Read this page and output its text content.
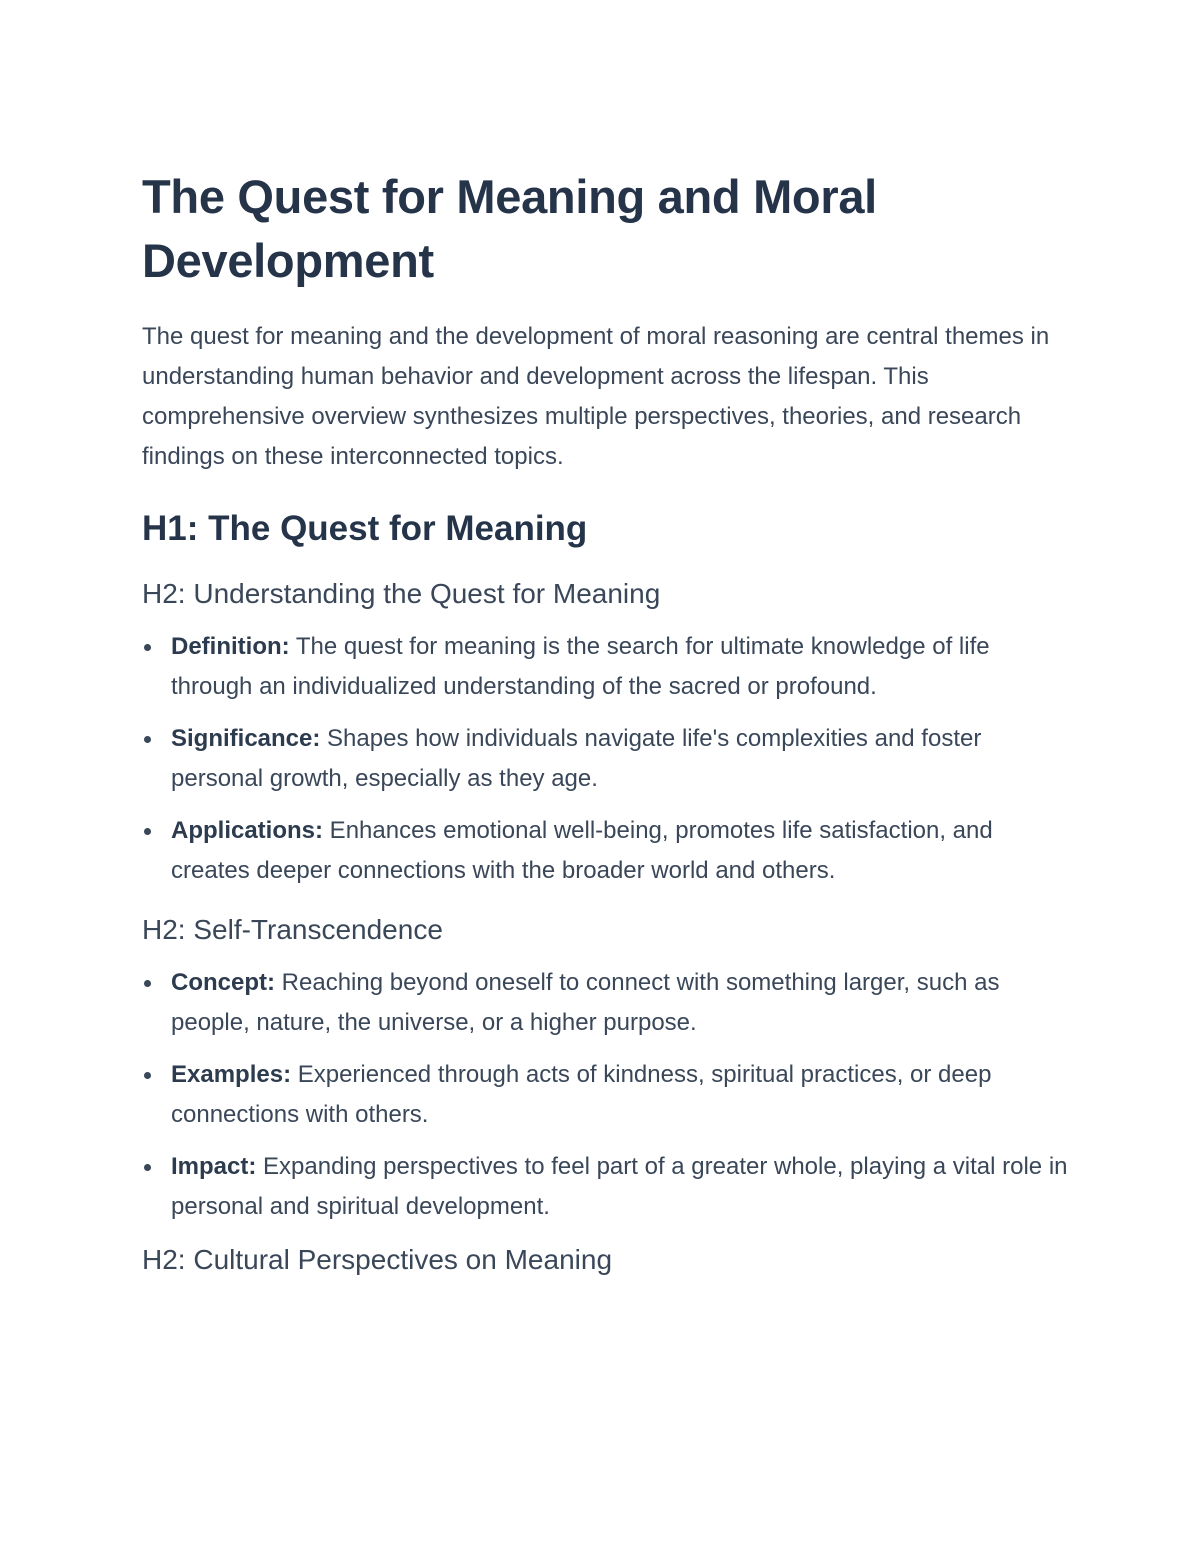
The Quest for Meaning and Moral Development

The quest for meaning and the development of moral reasoning are central themes in understanding human behavior and development across the lifespan. This comprehensive overview synthesizes multiple perspectives, theories, and research findings on these interconnected topics.

H1: The Quest for Meaning
H2: Understanding the Quest for Meaning
Definition: The quest for meaning is the search for ultimate knowledge of life through an individualized understanding of the sacred or profound.
Significance: Shapes how individuals navigate life's complexities and foster personal growth, especially as they age.
Applications: Enhances emotional well-being, promotes life satisfaction, and creates deeper connections with the broader world and others.
H2: Self-Transcendence
Concept: Reaching beyond oneself to connect with something larger, such as people, nature, the universe, or a higher purpose.
Examples: Experienced through acts of kindness, spiritual practices, or deep connections with others.
Impact: Expanding perspectives to feel part of a greater whole, playing a vital role in personal and spiritual development.
H2: Cultural Perspectives on Meaning
